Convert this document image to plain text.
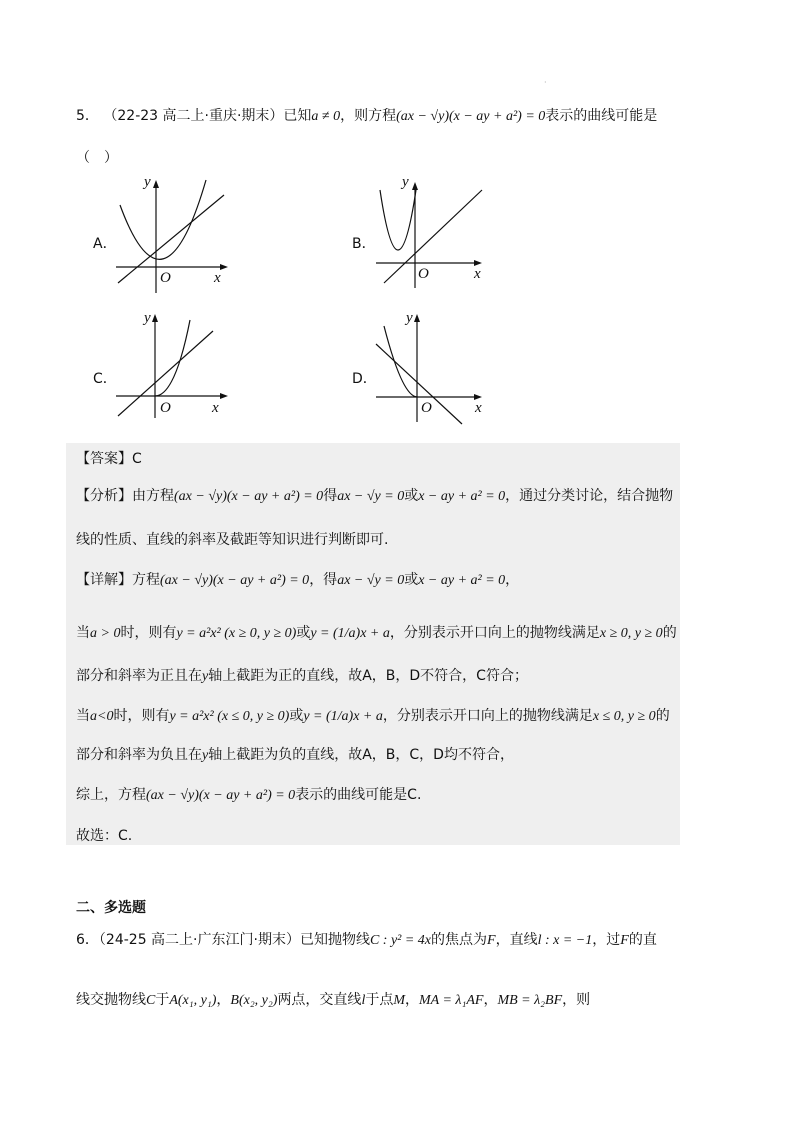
·
5． （22-23 高二上·重庆·期末）已知a ≠ 0，则方程(ax − √y)(x − ay + a²) = 0表示的曲线可能是
（　）
A．	B．
C．	D．
x
y
O	x
y
O
x
y
O	x
y
O
【答案】C
【分析】由方程(ax − √y)(x − ay + a²) = 0得ax − √y = 0或x − ay + a² = 0，通过分类讨论，结合抛物
线的性质、直线的斜率及截距等知识进行判断即可.
【详解】方程(ax − √y)(x − ay + a²) = 0，得ax − √y = 0或x − ay + a² = 0，
当a > 0时，则有y = a²x² (x ≥ 0, y ≥ 0)或y = (1/a)x + a，分别表示开口向上的抛物线满足x ≥ 0, y ≥ 0的
部分和斜率为正且在y轴上截距为正的直线，故A，B，D不符合，C符合；
当a<0时，则有y = a²x² (x ≤ 0, y ≥ 0)或y = (1/a)x + a，分别表示开口向上的抛物线满足x ≤ 0, y ≥ 0的
部分和斜率为负且在y轴上截距为负的直线，故A，B，C，D均不符合，
综上，方程(ax − √y)(x − ay + a²) = 0表示的曲线可能是C.
故选：C.
二、多选题
6．（24-25 高二上·广东江门·期末）已知抛物线C : y² = 4x的焦点为F，直线l : x = −1，过F的直
线交抛物线C于A(x₁, y₁)，B(x₂, y₂)两点，交直线l于点M，MA = λ₁AF，MB = λ₂BF，则
